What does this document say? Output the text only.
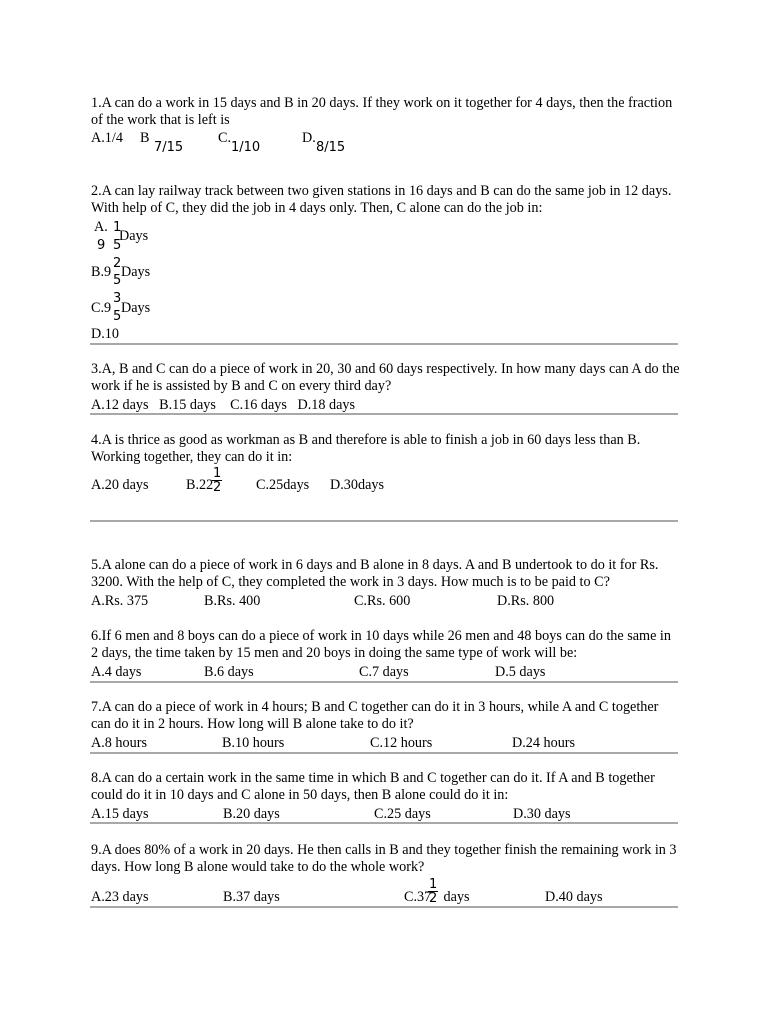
1.A can do a work in 15 days and B in 20 days. If they work on it together for 4 days, then the fraction of the work that is left is

A.1/4 B
7/15
C.
1/10
D.
8/15

2.A can lay railway track between two given stations in 16 days and B can do the same job in 12 days. With help of C, they did the job in 4 days only. Then, C alone can do the job in:

A. 1
Days
9 5
B.9
2
5
Days
C.9
3
5
Days
D.10

3.A, B and C can do a piece of work in 20, 30 and 60 days respectively. In how many days can A do the work if he is assisted by B and C on every third day?

A.12 days   B.15 days    C.16 days   D.18 days

4.A is thrice as good as workman as B and therefore is able to finish a job in 60 days less than B. Working together, they can do it in:

A.20 days	B.22
$\frac{1}{2}$ C.25days D.30days

5.A alone can do a piece of work in 6 days and B alone in 8 days. A and B undertook to do it for Rs. 3200. With the help of C, they completed the work in 3 days. How much is to be paid to C?

A.Rs. 375	B.Rs. 400	C.Rs. 600	D.Rs. 800

6.If 6 men and 8 boys can do a piece of work in 10 days while 26 men and 48 boys can do the same in 2 days, the time taken by 15 men and 20 boys in doing the same type of work will be:

A.4 days	B.6 days	C.7 days	D.5 days

7.A can do a piece of work in 4 hours; B and C together can do it in 3 hours, while A and C together can do it in 2 hours. How long will B alone take to do it?

A.8 hours	B.10 hours	C.12 hours	D.24 hours

8.A can do a certain work in the same time in which B and C together can do it. If A and B together could do it in 10 days and C alone in 50 days, then B alone could do it in:

A.15 days	B.20 days	C.25 days	D.30 days

9.A does 80% of a work in 20 days. He then calls in B and they together finish the remaining work in 3 days. How long B alone would take to do the whole work?

A.23 days	B.37 days	C.37
$\frac{1}{2}$ days	D.40 days
